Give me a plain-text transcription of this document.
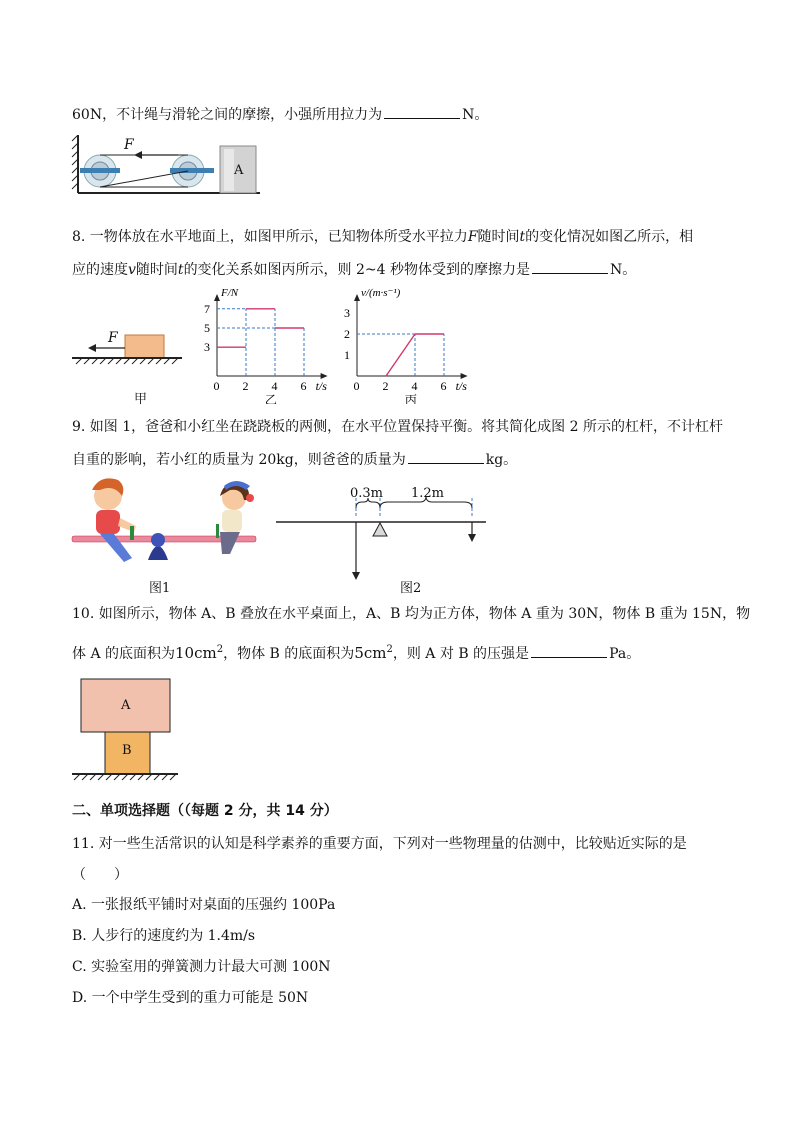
60N，不计绳与滑轮之间的摩擦，小强所用拉力为	N。
F
A
8. 一物体放在水平地面上，如图甲所示，已知物体所受水平拉力F随时间t的变化情况如图乙所示，相
应的速度v随时间t的变化关系如图丙所示，则 2~4 秒物体受到的摩擦力是	N。
F
甲
0 2 4 6
3
5
7
F/N
t/s
乙
0 2 4 6
1
2
3
v/(m·s⁻¹)
t/s
丙
9. 如图 1，爸爸和小红坐在跷跷板的两侧，在水平位置保持平衡。将其简化成图 2 所示的杠杆，不计杠杆
自重的影响，若小红的质量为 20kg，则爸爸的质量为	kg。
图1
0.3m 1.2m
图2
10. 如图所示，物体 A、B 叠放在水平桌面上，A、B 均为正方体，物体 A 重为 30N，物体 B 重为 15N，物
体 A 的底面积为$10cm^2$，物体 B 的底面积为$5cm^2$，则 A 对 B 的压强是	Pa。
A
B
二、单项选择题（（每题 2 分，共 14 分）
11. 对一些生活常识的认知是科学素养的重要方面，下列对一些物理量的估测中，比较贴近实际的是
（　　）
A. 一张报纸平铺时对桌面的压强约 100Pa
B. 人步行的速度约为 1.4m/s
C. 实验室用的弹簧测力计最大可测 100N
D. 一个中学生受到的重力可能是 50N
